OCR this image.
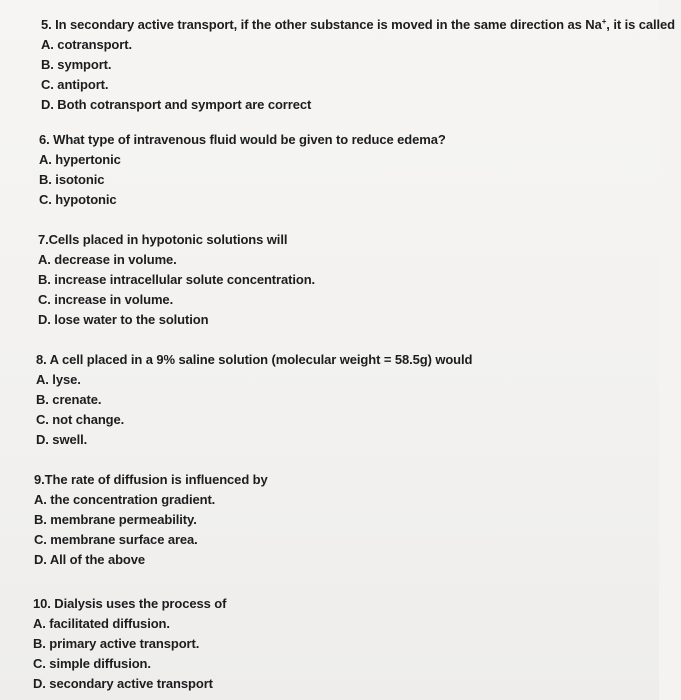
5. In secondary active transport, if the other substance is moved in the same direction as Na+, it is called
A. cotransport.
B. symport.
C. antiport.
D. Both cotransport and symport are correct
6. What type of intravenous fluid would be given to reduce edema?
A. hypertonic
B. isotonic
C. hypotonic
7.Cells placed in hypotonic solutions will
A. decrease in volume.
B. increase intracellular solute concentration.
C. increase in volume.
D. lose water to the solution
8. A cell placed in a 9% saline solution (molecular weight = 58.5g) would
A. lyse.
B. crenate.
C. not change.
D. swell.
9.The rate of diffusion is influenced by
A. the concentration gradient.
B. membrane permeability.
C. membrane surface area.
D. All of the above
10. Dialysis uses the process of
A. facilitated diffusion.
B. primary active transport.
C. simple diffusion.
D. secondary active transport
